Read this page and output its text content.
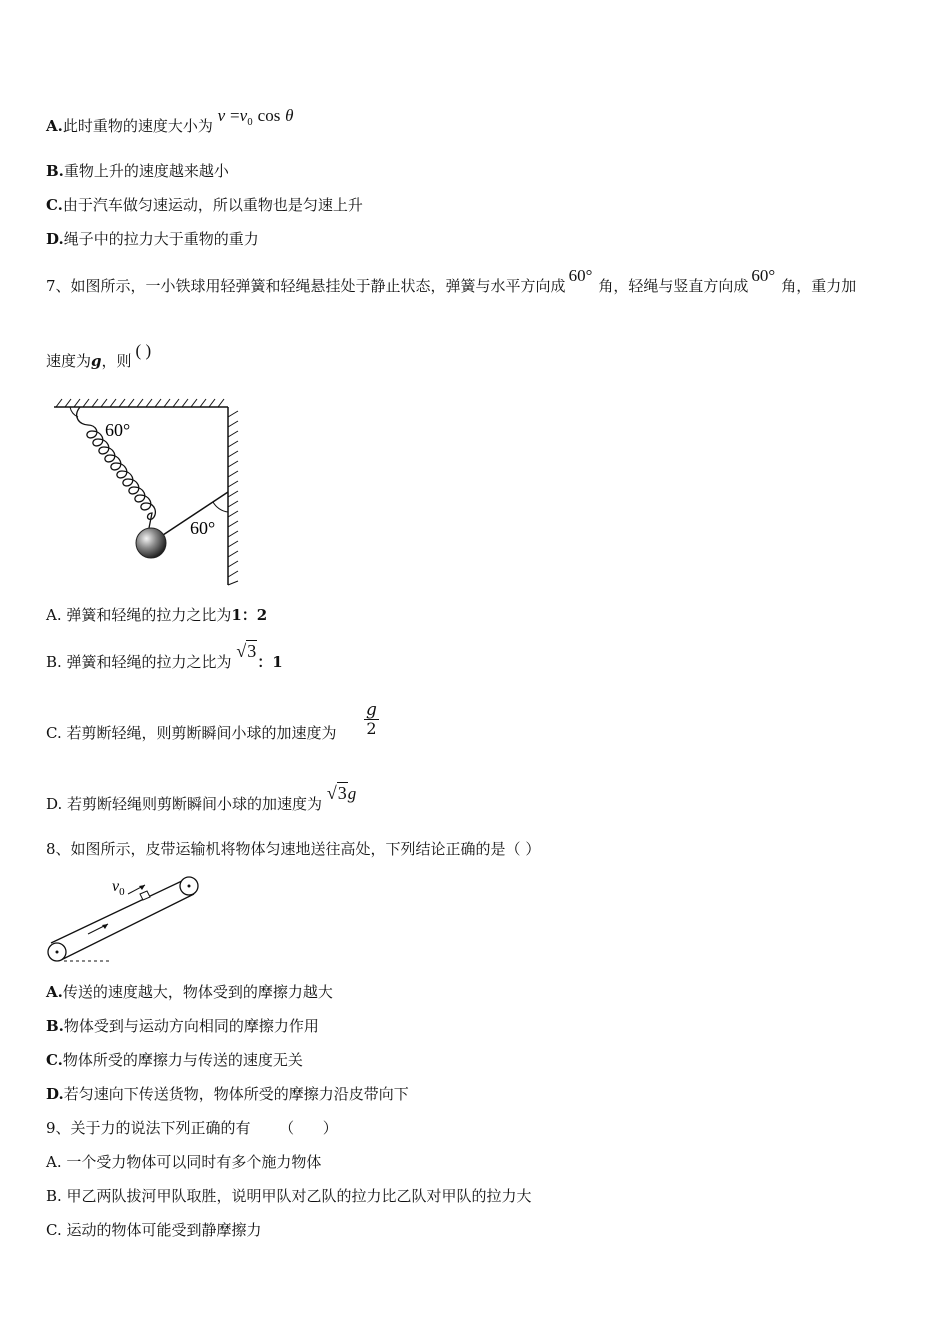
A.此时重物的速度大小为 $v =v_0$ cos θ
B.重物上升的速度越来越小
C.由于汽车做匀速运动，所以重物也是匀速上升
D.绳子中的拉力大于重物的重力
7、如图所示，一小铁球用轻弹簧和轻绳悬挂处于静止状态，弹簧与水平方向成60°角，轻绳与竖直方向成60°角，重力加
速度为g，则( )
60°
60°
A. 弹簧和轻绳的拉力之比为1：2
B. 弹簧和轻绳的拉力之比为 √3：1
C. 若剪断轻绳，则剪断瞬间小球的加速度为 $\frac{g}{2}$
D. 若剪断轻绳则剪断瞬间小球的加速度为 √3g
8、如图所示，皮带运输机将物体匀速地送往高处，下列结论正确的是（ ）
$v_0$
A.传送的速度越大，物体受到的摩擦力越大
B.物体受到与运动方向相同的摩擦力作用
C.物体所受的摩擦力与传送的速度无关
D.若匀速向下传送货物，物体所受的摩擦力沿皮带向下
9、关于力的说法下列正确的有      （      ）
A. 一个受力物体可以同时有多个施力物体
B. 甲乙两队拔河甲队取胜，说明甲队对乙队的拉力比乙队对甲队的拉力大
C. 运动的物体可能受到静摩擦力
